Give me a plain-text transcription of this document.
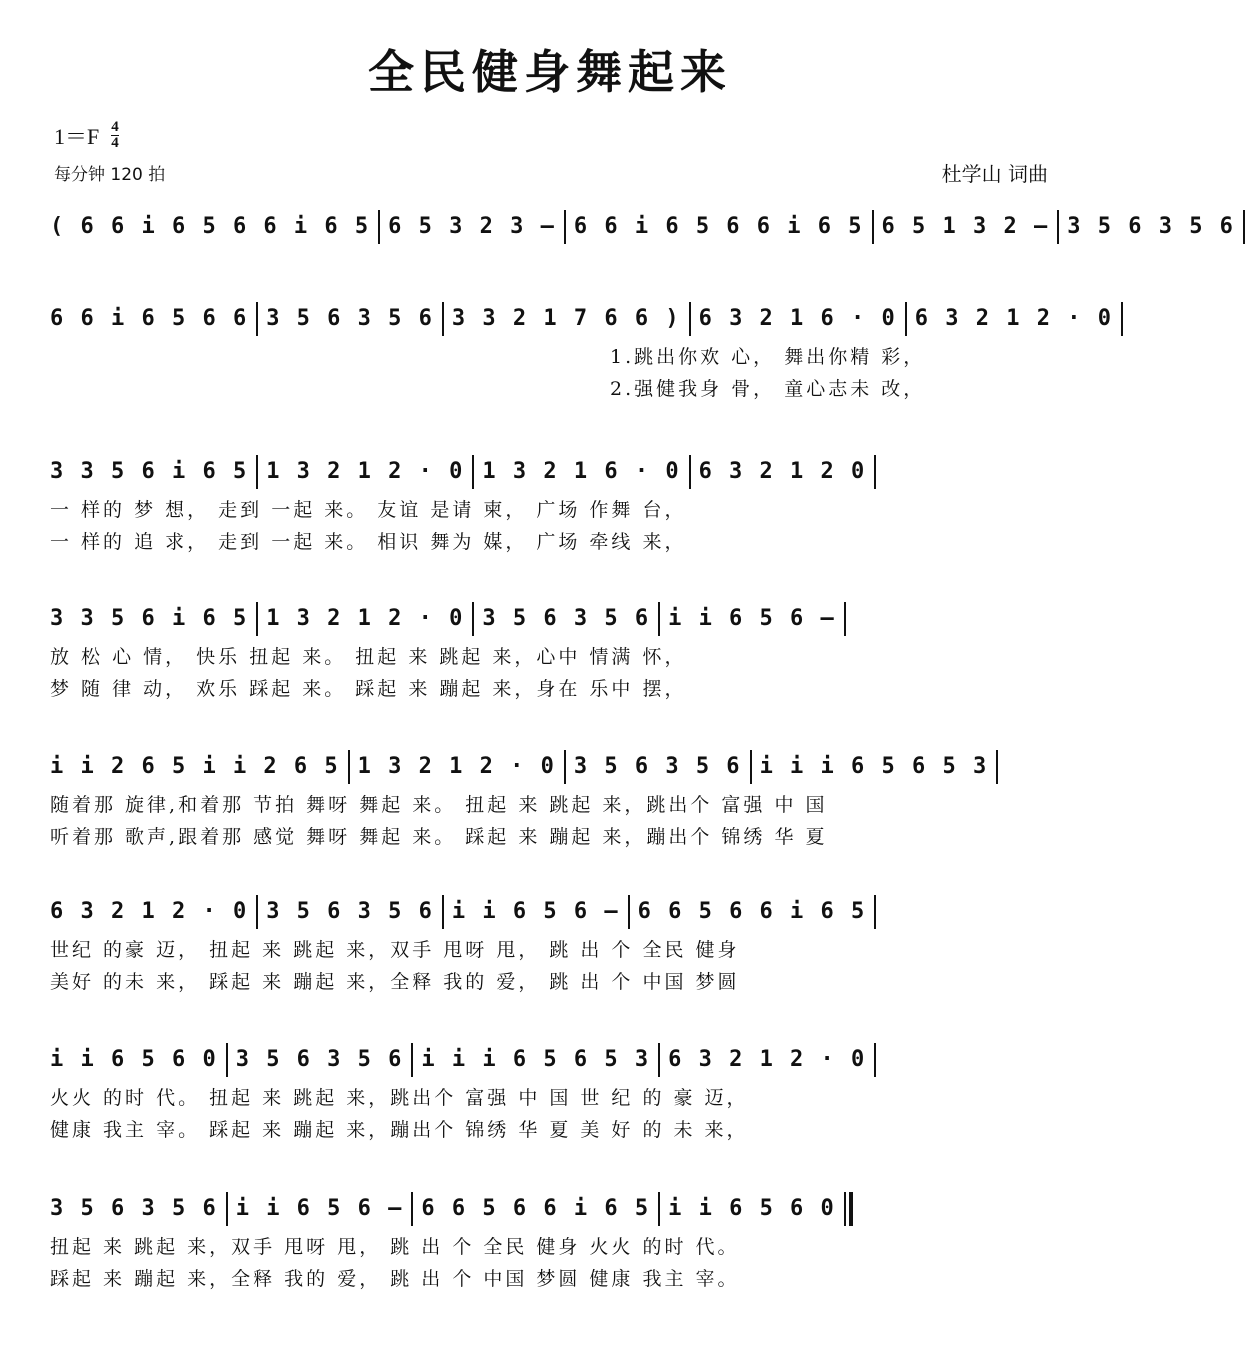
全民健身舞起来
1＝F 4
4
每分钟 120 拍	杜学山 词曲
( 6 6 i 6 5 6 6 i 6 5 6 5 3 2 3 – 6 6 i 6 5 6 6 i 6 5 6 5 1 3 2 – 3 5 6 3 5 6
6 6 i 6 5 6 6 3 5 6 3 5 6 3 3 2 1 7 6 6 ) 6 3 2 1 6 · 0 6 3 2 1 2 · 0
1.跳出你欢 心， 舞出你精 彩，
2.强健我身 骨， 童心志未 改，
3 3 5 6 i 6 5 1 3 2 1 2 · 0 1 3 2 1 6 · 0 6 3 2 1 2 0
一 样的 梦 想， 走到 一起 来。 友谊 是请 柬， 广场 作舞 台，
一 样的 追 求， 走到 一起 来。 相识 舞为 媒， 广场 牵线 来，
3 3 5 6 i 6 5 1 3 2 1 2 · 0 3 5 6 3 5 6 i i 6 5 6 –
放 松 心 情， 快乐 扭起 来。 扭起 来 跳起 来，心中 情满 怀，
梦 随 律 动， 欢乐 踩起 来。 踩起 来 蹦起 来，身在 乐中 摆，
i i 2 6 5 i i 2 6 5 1 3 2 1 2 · 0 3 5 6 3 5 6 i i i 6 5 6 5 3
随着那 旋律,和着那 节拍 舞呀 舞起 来。 扭起 来 跳起 来，跳出个 富强 中 国
听着那 歌声,跟着那 感觉 舞呀 舞起 来。 踩起 来 蹦起 来，蹦出个 锦绣 华 夏
6 3 2 1 2 · 0 3 5 6 3 5 6 i i 6 5 6 – 6 6 5 6 6 i 6 5
世纪 的豪 迈， 扭起 来 跳起 来，双手 甩呀 甩， 跳 出 个 全民 健身
美好 的未 来， 踩起 来 蹦起 来，全释 我的 爱， 跳 出 个 中国 梦圆
i i 6 5 6 0 3 5 6 3 5 6 i i i 6 5 6 5 3 6 3 2 1 2 · 0
火火 的时 代。 扭起 来 跳起 来，跳出个 富强 中 国 世 纪 的 豪 迈，
健康 我主 宰。 踩起 来 蹦起 来，蹦出个 锦绣 华 夏 美 好 的 未 来，
3 5 6 3 5 6 i i 6 5 6 – 6 6 5 6 6 i 6 5 i i 6 5 6 0
扭起 来 跳起 来，双手 甩呀 甩， 跳 出 个 全民 健身 火火 的时 代。
踩起 来 蹦起 来，全释 我的 爱， 跳 出 个 中国 梦圆 健康 我主 宰。
